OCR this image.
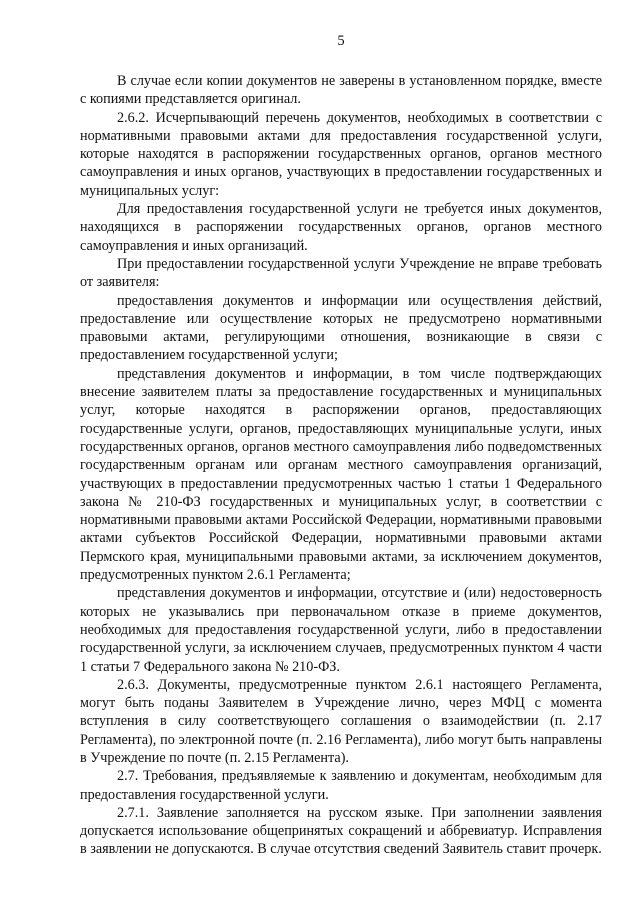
5

В случае если копии документов не заверены в установленном порядке, вместе с копиями представляется оригинал.

2.6.2. Исчерпывающий перечень документов, необходимых в соответствии с нормативными правовыми актами для предоставления государственной услуги, которые находятся в распоряжении государственных органов, органов местного самоуправления и иных органов, участвующих в предоставлении государственных и муниципальных услуг:

Для предоставления государственной услуги не требуется иных документов, находящихся в распоряжении государственных органов, органов местного самоуправления и иных организаций.

При предоставлении государственной услуги Учреждение не вправе требовать от заявителя:

предоставления документов и информации или осуществления действий, предоставление или осуществление которых не предусмотрено нормативными правовыми актами, регулирующими отношения, возникающие в связи с предоставлением государственной услуги;

представления документов и информации, в том числе подтверждающих внесение заявителем платы за предоставление государственных и муниципальных услуг, которые находятся в распоряжении органов, предоставляющих государственные услуги, органов, предоставляющих муниципальные услуги, иных государственных органов, органов местного самоуправления либо подведомственных государственным органам или органам местного самоуправления организаций, участвующих в предоставлении предусмотренных частью 1 статьи 1 Федерального закона № 210-ФЗ государственных и муниципальных услуг, в соответствии с нормативными правовыми актами Российской Федерации, нормативными правовыми актами субъектов Российской Федерации, нормативными правовыми актами Пермского края, муниципальными правовыми актами, за исключением документов, предусмотренных пунктом 2.6.1 Регламента;

представления документов и информации, отсутствие и (или) недостоверность которых не указывались при первоначальном отказе в приеме документов, необходимых для предоставления государственной услуги, либо в предоставлении государственной услуги, за исключением случаев, предусмотренных пунктом 4 части 1 статьи 7 Федерального закона № 210-ФЗ.

2.6.3. Документы, предусмотренные пунктом 2.6.1 настоящего Регламента, могут быть поданы Заявителем в Учреждение лично, через МФЦ с момента вступления в силу соответствующего соглашения о взаимодействии (п. 2.17 Регламента), по электронной почте (п. 2.16 Регламента), либо могут быть направлены в Учреждение по почте (п. 2.15 Регламента).

2.7. Требования, предъявляемые к заявлению и документам, необходимым для предоставления государственной услуги.

2.7.1. Заявление заполняется на русском языке. При заполнении заявления допускается использование общепринятых сокращений и аббревиатур. Исправления в заявлении не допускаются. В случае отсутствия сведений Заявитель ставит прочерк.
